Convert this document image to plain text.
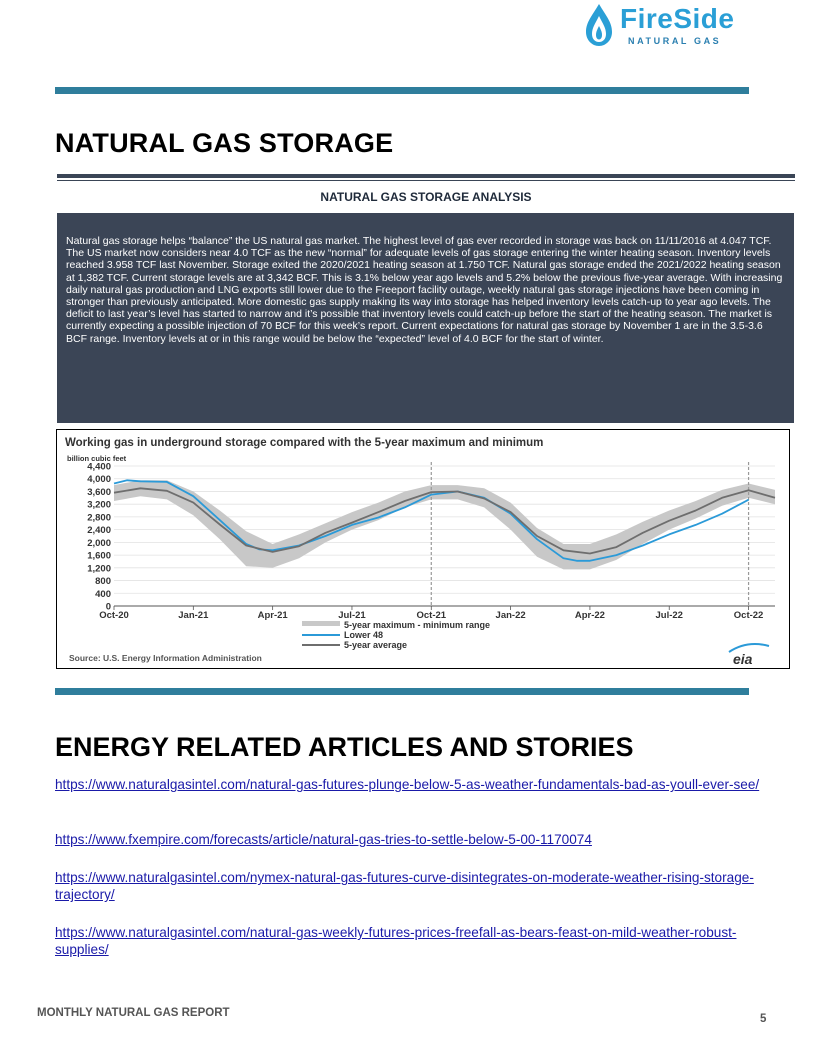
FireSide
NATURAL GAS
NATURAL GAS STORAGE
NATURAL GAS STORAGE ANALYSIS

Natural gas storage helps “balance” the US natural gas market. The highest level of gas ever recorded in storage was back on 11/11/2016 at 4.047 TCF. The US market now considers near 4.0 TCF as the new “normal” for adequate levels of gas storage entering the winter heating season. Inventory levels reached 3.958 TCF last November. Storage exited the 2020/2021 heating season at 1.750 TCF. Natural gas storage ended the 2021/2022 heating season at 1,382 TCF. Current storage levels are at 3,342 BCF. This is 3.1% below year ago levels and 5.2% below the previous five-year average. With increasing daily natural gas production and LNG exports still lower due to the Freeport facility outage, weekly natural gas storage injections have been coming in stronger than previously anticipated. More domestic gas supply making its way into storage has helped inventory levels catch-up to year ago levels. The deficit to last year’s level has started to narrow and it’s possible that inventory levels could catch-up before the start of the heating season. The market is currently expecting a possible injection of 70 BCF for this week’s report. Current expectations for natural gas storage by November 1 are in the 3.5-3.6 BCF range. Inventory levels at or in this range would be below the “expected” level of 4.0 BCF for the start of winter.

Working gas in underground storage compared with the 5-year maximum and minimum
billion cubic feet
0
400
800
1,200
1,600
2,000
2,400
2,800
3,200
3,600
4,000
4,400
Oct-20	Jan-21	Apr-21	Jul-21	Oct-21	Jan-22	Apr-22	Jul-22	Oct-22
5-year maximum - minimum range
Lower 48
5-year average
Source: U.S. Energy Information Administration	eia
ENERGY RELATED ARTICLES AND STORIES
https://www.naturalgasintel.com/natural-gas-futures-plunge-below-5-as-weather-fundamentals-bad-as-youll-ever-see/
https://www.fxempire.com/forecasts/article/natural-gas-tries-to-settle-below-5-00-1170074
https://www.naturalgasintel.com/nymex-natural-gas-futures-curve-disintegrates-on-moderate-weather-rising-storage-trajectory/
https://www.naturalgasintel.com/natural-gas-weekly-futures-prices-freefall-as-bears-feast-on-mild-weather-robust-supplies/
MONTHLY NATURAL GAS REPORT	5
